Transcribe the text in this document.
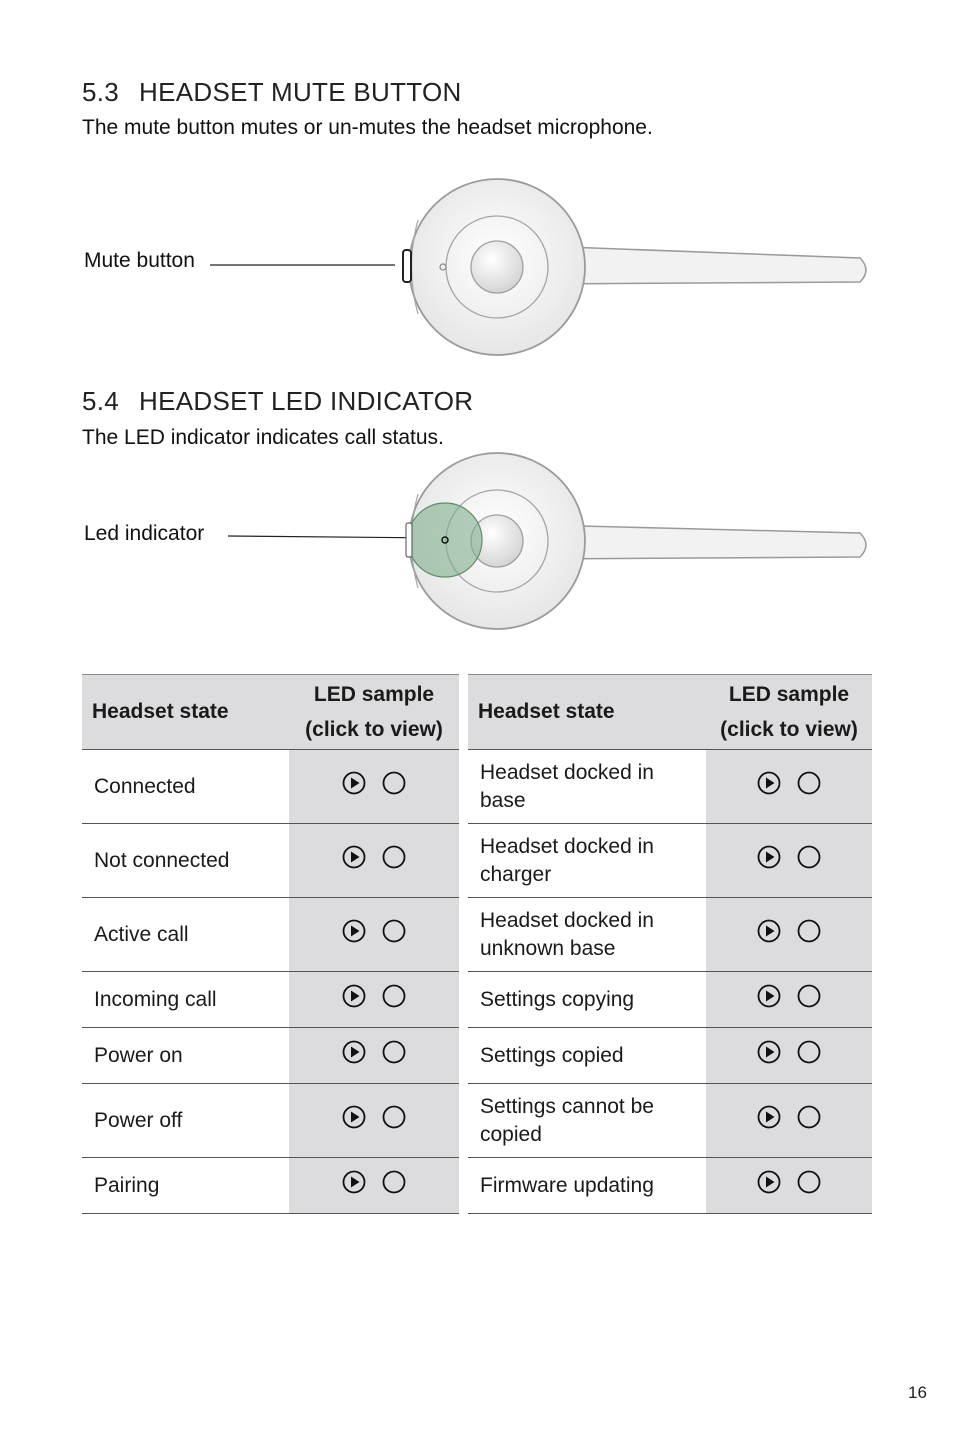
5.3 HEADSET MUTE BUTTON
The mute button mutes or un-mutes the headset microphone.
Mute button
5.4 HEADSET LED INDICATOR
The LED indicator indicates call status.
Led indicator
Headset state	LED sample
(click to view)
Connected	

Not connected	

Active call	

Incoming call	

Power on	

Power off	

Pairing	
Headset state	LED sample
(click to view)
Headset docked in base	

Headset docked in charger	

Headset docked in unknown base	

Settings copying	

Settings copied	

Settings cannot be copied	

Firmware updating	
16
